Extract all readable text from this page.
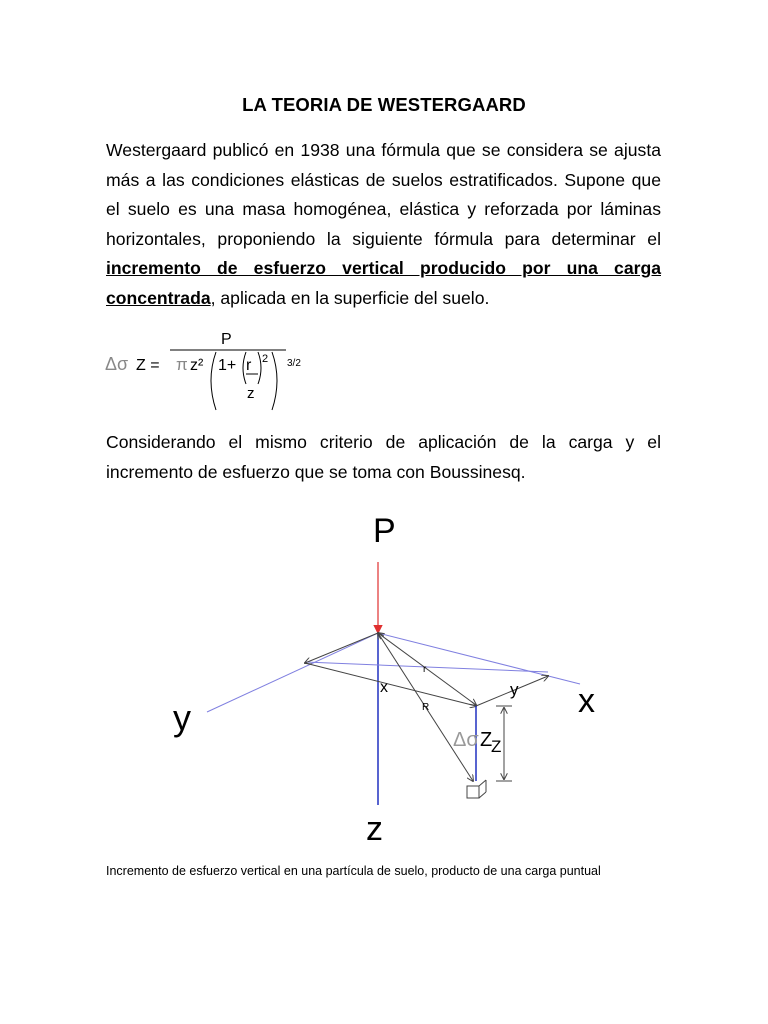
LA TEORIA DE WESTERGAARD

Westergaard publicó en 1938 una fórmula que se considera se ajusta más a las condiciones elásticas de suelos estratificados. Supone que el suelo es una masa homogénea, elástica y reforzada por láminas horizontales, proponiendo la siguiente fórmula para determinar el incremento de esfuerzo vertical producido por una carga concentrada, aplicada en la superficie del suelo.

P
Δσ Z = π z² 1+ r
z
2 3/2

Considerando el mismo criterio de aplicación de la carga y el incremento de esfuerzo que se toma con Boussinesq.

P
x
y
z
x	y
r
R
Δσ Z
Z
Incremento de esfuerzo vertical en una partícula de suelo, producto de una carga puntual
